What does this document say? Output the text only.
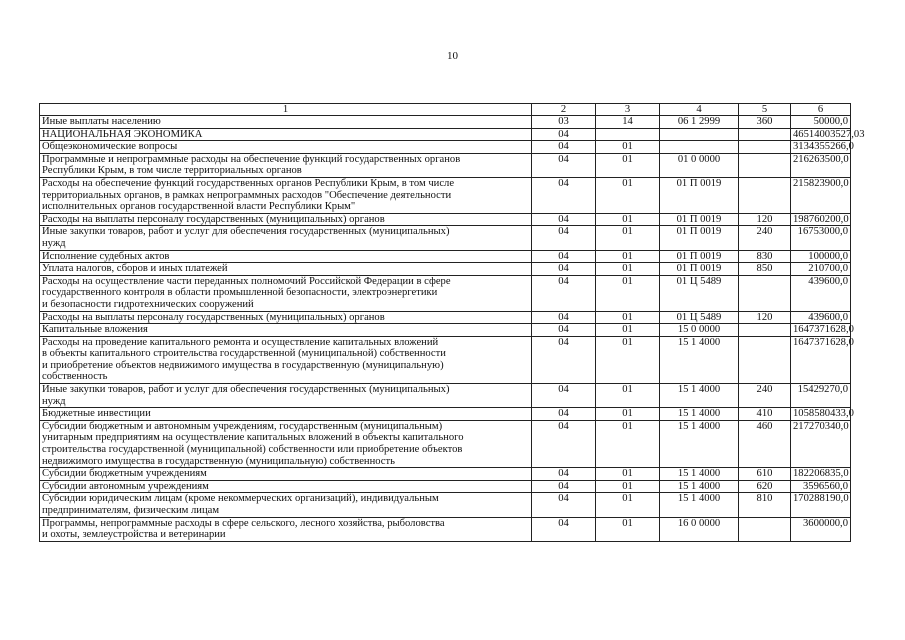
10
1	2	3	4	5	6
Иные выплаты населению	03	14	06 1 2999	360	50000,0
НАЦИОНАЛЬНАЯ ЭКОНОМИКА	04				46514003527,03
Общеэкономические вопросы	04	01			3134355266,0
Программные и непрограммные расходы на обеспечение функций государственных органов
Республики Крым, в том числе территориальных органов	04	01	01 0 0000		216263500,0
Расходы на обеспечение функций государственных органов Республики Крым, в том числе
территориальных органов, в рамках непрограммных расходов "Обеспечение деятельности
исполнительных органов государственной власти Республики Крым"	04	01	01 П 0019		215823900,0
Расходы на выплаты персоналу государственных (муниципальных) органов	04	01	01 П 0019	120	198760200,0
Иные закупки товаров, работ и услуг для обеспечения государственных (муниципальных)
нужд	04	01	01 П 0019	240	16753000,0
Исполнение судебных актов	04	01	01 П 0019	830	100000,0
Уплата налогов, сборов и иных платежей	04	01	01 П 0019	850	210700,0
Расходы на осуществление части переданных полномочий Российской Федерации в сфере
государственного контроля в области промышленной безопасности, электроэнергетики
и безопасности гидротехнических сооружений	04	01	01 Ц 5489		439600,0
Расходы на выплаты персоналу государственных (муниципальных) органов	04	01	01 Ц 5489	120	439600,0
Капитальные вложения	04	01	15 0 0000		1647371628,0
Расходы на проведение капитального ремонта и осуществление капитальных вложений
в объекты капитального строительства государственной (муниципальной) собственности
и приобретение объектов недвижимого имущества в государственную (муниципальную)
собственность	04	01	15 1 4000		1647371628,0
Иные закупки товаров, работ и услуг для обеспечения государственных (муниципальных)
нужд	04	01	15 1 4000	240	15429270,0
Бюджетные инвестиции	04	01	15 1 4000	410	1058580433,0
Субсидии бюджетным и автономным учреждениям, государственным (муниципальным)
унитарным предприятиям на осуществление капитальных вложений в объекты капитального
строительства государственной (муниципальной) собственности или приобретение объектов
недвижимого имущества в государственную (муниципальную) собственность	04	01	15 1 4000	460	217270340,0
Субсидии бюджетным учреждениям	04	01	15 1 4000	610	182206835,0
Субсидии автономным учреждениям	04	01	15 1 4000	620	3596560,0
Субсидии юридическим лицам (кроме некоммерческих организаций), индивидуальным
предпринимателям, физическим лицам	04	01	15 1 4000	810	170288190,0
Программы, непрограммные расходы в сфере сельского, лесного хозяйства, рыболовства
и охоты, землеустройства и ветеринарии	04	01	16 0 0000		3600000,0
